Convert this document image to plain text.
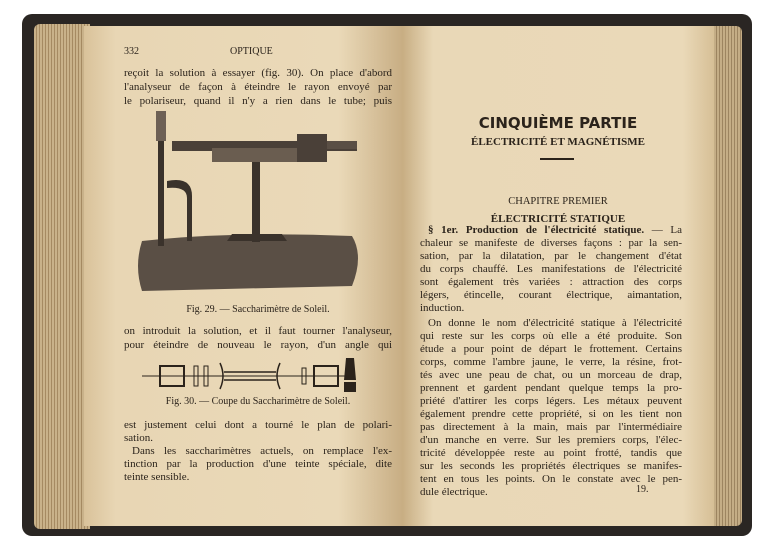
332	OPTIQUE
reçoit la solution à essayer (fig. 30). On place d'abord
l'analyseur de façon à éteindre le rayon envoyé par
le polariseur, quand il n'y a rien dans le tube; puis
Fig. 29. — Saccharimètre de Soleil.
on introduit la solution, et il faut tourner l'analyseur,
pour éteindre de nouveau le rayon, d'un angle qui
Fig. 30. — Coupe du Saccharimètre de Soleil.
est justement celui dont a tourné le plan de polari-
sation.
Dans les saccharimètres actuels, on remplace l'ex-
tinction par la production d'une teinte spéciale, dite
teinte sensible.
CINQUIÈME PARTIE
ÉLECTRICITÉ ET MAGNÉTISME
CHAPITRE PREMIER
ÉLECTRICITÉ STATIQUE
§ 1er. Production de l'électricité statique. — La
chaleur se manifeste de diverses façons : par la sen-
sation, par la dilatation, par le changement d'état
du corps chauffé. Les manifestations de l'électricité
sont également très variées : attraction des corps
légers, étincelle, courant électrique, aimantation,
induction.
On donne le nom d'électricité statique à l'électricité
qui reste sur les corps où elle a été produite. Son
étude a pour point de départ le frottement. Certains
corps, comme l'ambre jaune, le verre, la résine, frot-
tés avec une peau de chat, ou un morceau de drap,
prennent et gardent pendant quelque temps la pro-
priété d'attirer les corps légers. Les métaux peuvent
également prendre cette propriété, si on les tient non
pas directement à la main, mais par l'intermédiaire
d'un manche en verre. Sur les premiers corps, l'élec-
tricité développée reste au point frotté, tandis que
sur les seconds les propriétés électriques se manifes-
tent en tous les points. On le constate avec le pen-
dule électrique.	19.
